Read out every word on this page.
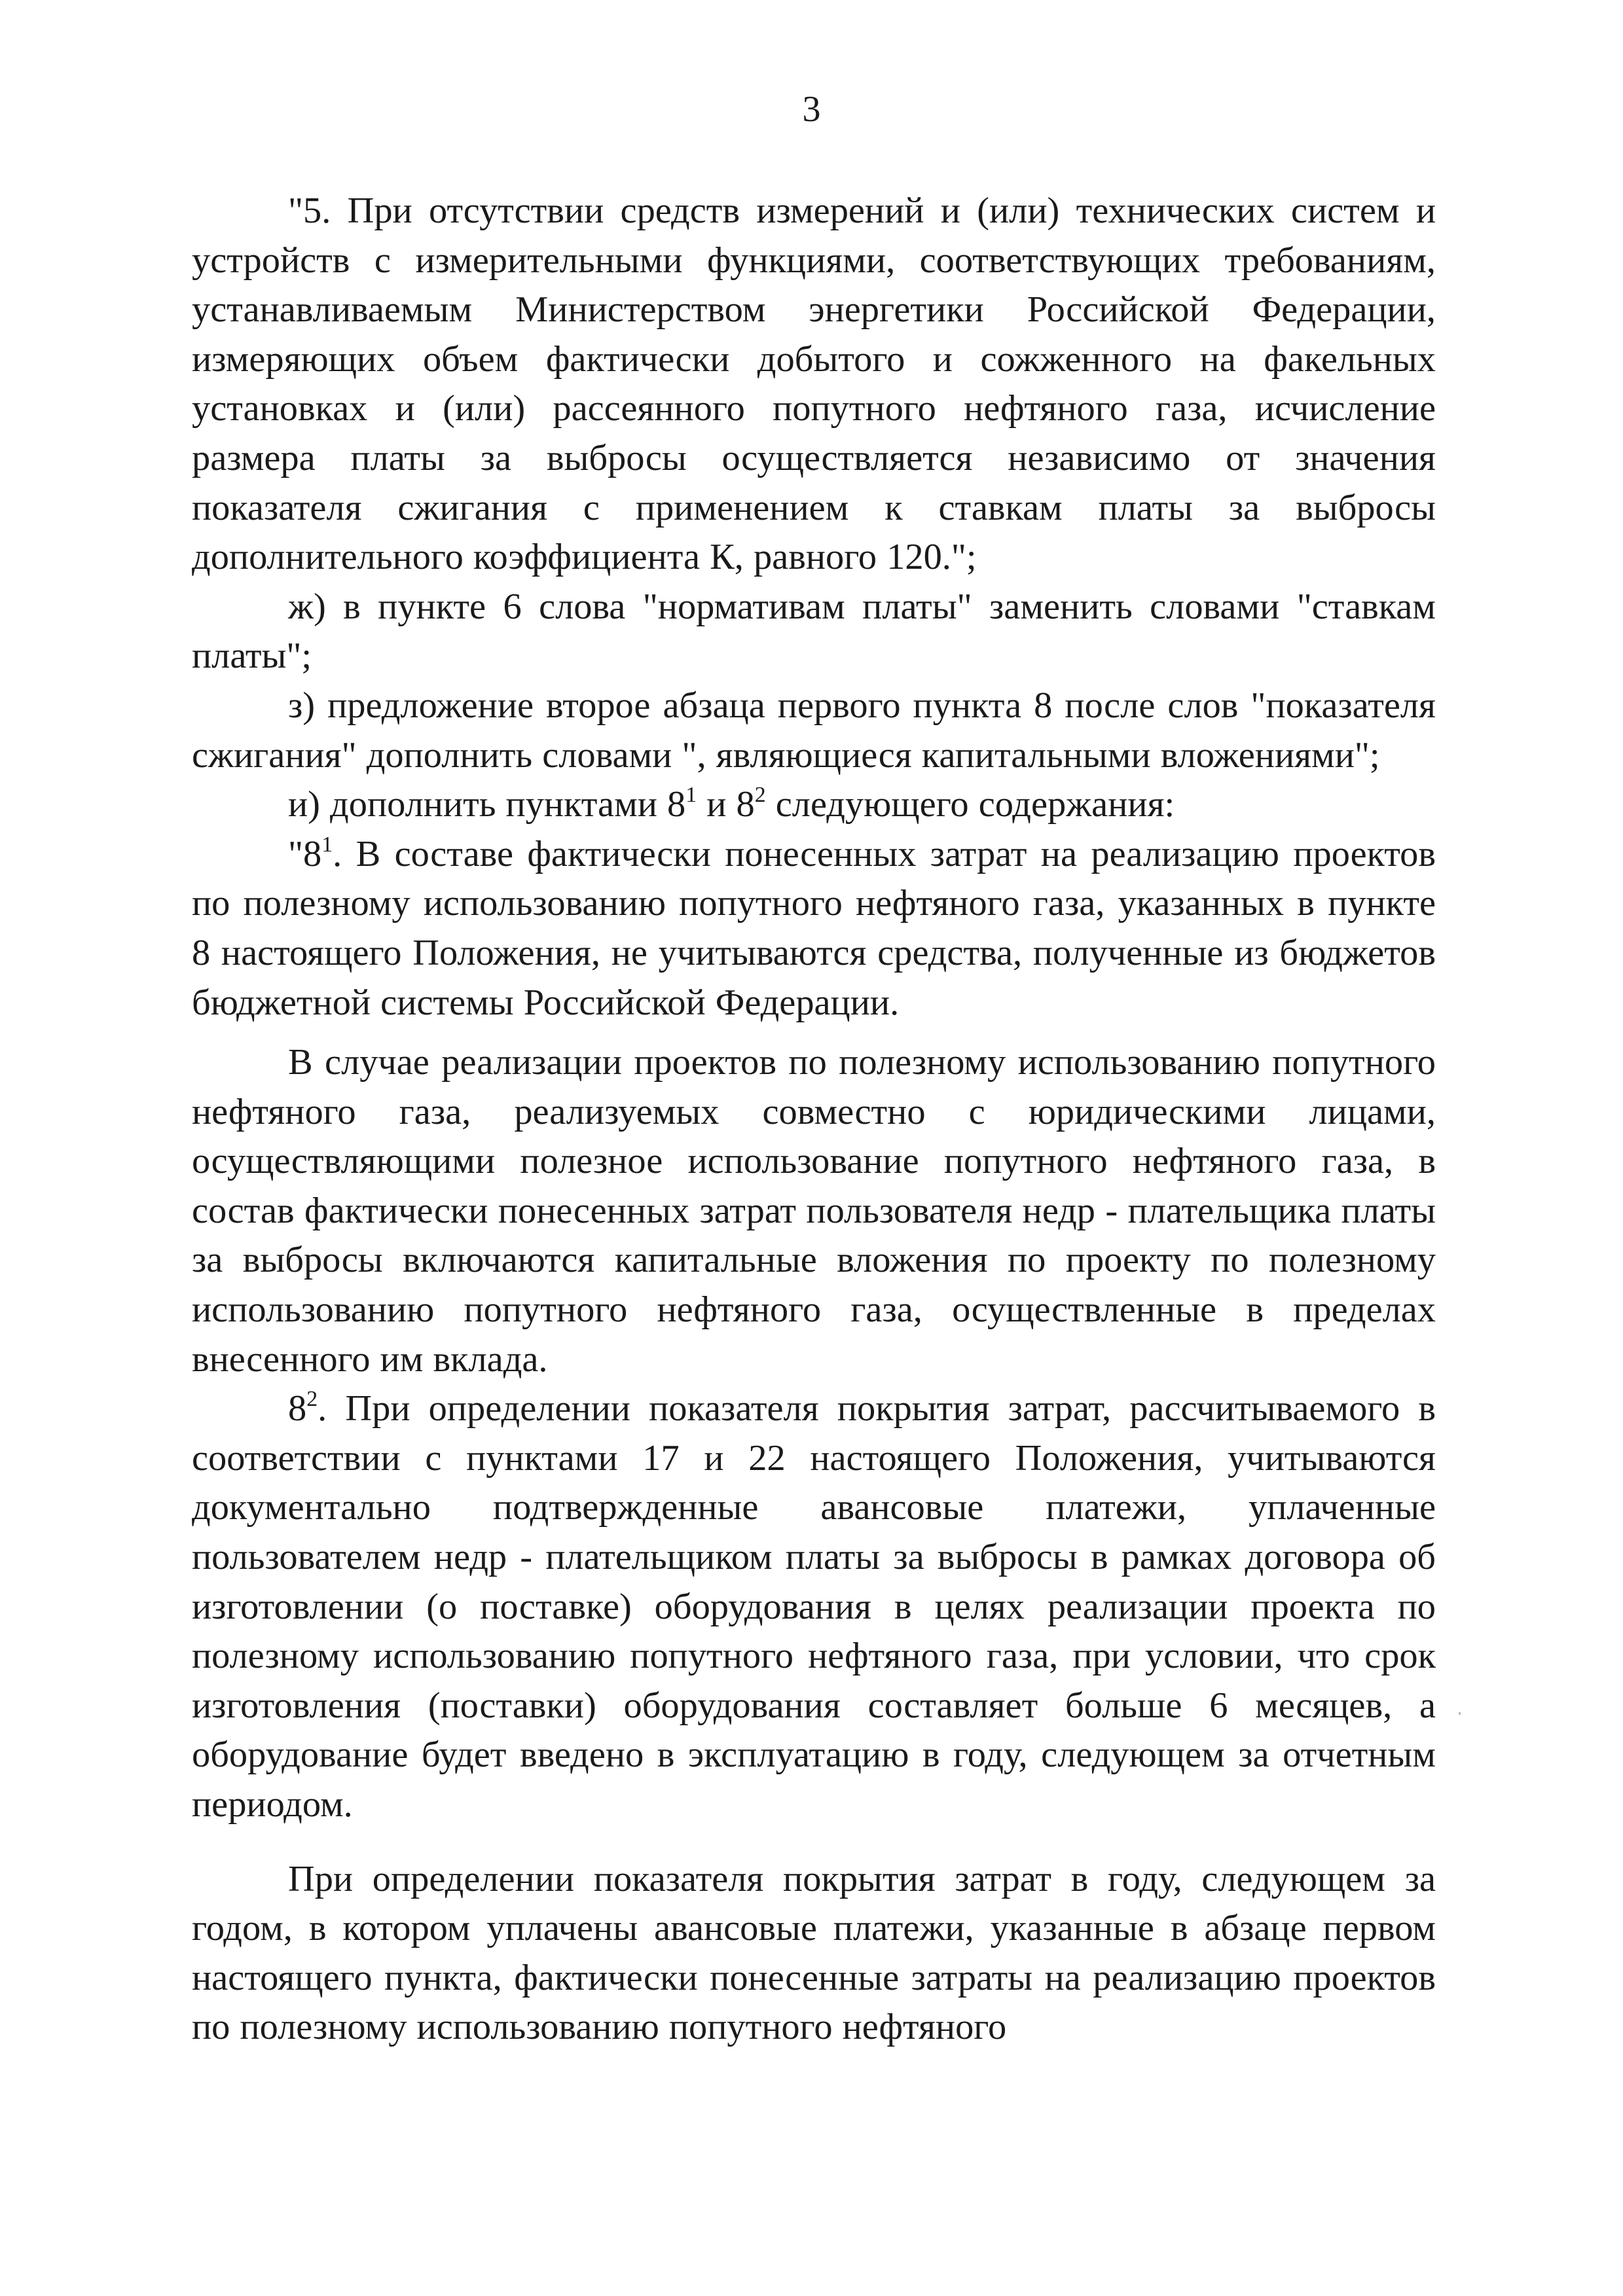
3

"5. При отсутствии средств измерений и (или) технических систем и устройств с измерительными функциями, соответствующих требованиям, устанавливаемым Министерством энергетики Российской Федерации, измеряющих объем фактически добытого и сожженного на факельных установках и (или) рассеянного попутного нефтяного газа, исчисление размера платы за выбросы осуществляется независимо от значения показателя сжигания с применением к ставкам платы за выбросы дополнительного коэффициента К, равного 120.";

ж) в пункте 6 слова "нормативам платы" заменить словами "ставкам платы";

з) предложение второе абзаца первого пункта 8 после слов "показателя сжигания" дополнить словами ", являющиеся капитальными вложениями";

и) дополнить пунктами $8^1$ и $8^2$ следующего содержания:

"$8^1$. В составе фактически понесенных затрат на реализацию проектов по полезному использованию попутного нефтяного газа, указанных в пункте 8 настоящего Положения, не учитываются средства, полученные из бюджетов бюджетной системы Российской Федерации.

В случае реализации проектов по полезному использованию попутного нефтяного газа, реализуемых совместно с юридическими лицами, осуществляющими полезное использование попутного нефтяного газа, в состав фактически понесенных затрат пользователя недр - плательщика платы за выбросы включаются капитальные вложения по проекту по полезному использованию попутного нефтяного газа, осуществленные в пределах внесенного им вклада.

$8^2$. При определении показателя покрытия затрат, рассчитываемого в соответствии с пунктами 17 и 22 настоящего Положения, учитываются документально подтвержденные авансовые платежи, уплаченные пользователем недр - плательщиком платы за выбросы в рамках договора об изготовлении (о поставке) оборудования в целях реализации проекта по полезному использованию попутного нефтяного газа, при условии, что срок изготовления (поставки) оборудования составляет больше 6 месяцев, а оборудование будет введено в эксплуатацию в году, следующем за отчетным периодом.

При определении показателя покрытия затрат в году, следующем за годом, в котором уплачены авансовые платежи, указанные в абзаце первом настоящего пункта, фактически понесенные затраты на реализацию проектов по полезному использованию попутного нефтяного
